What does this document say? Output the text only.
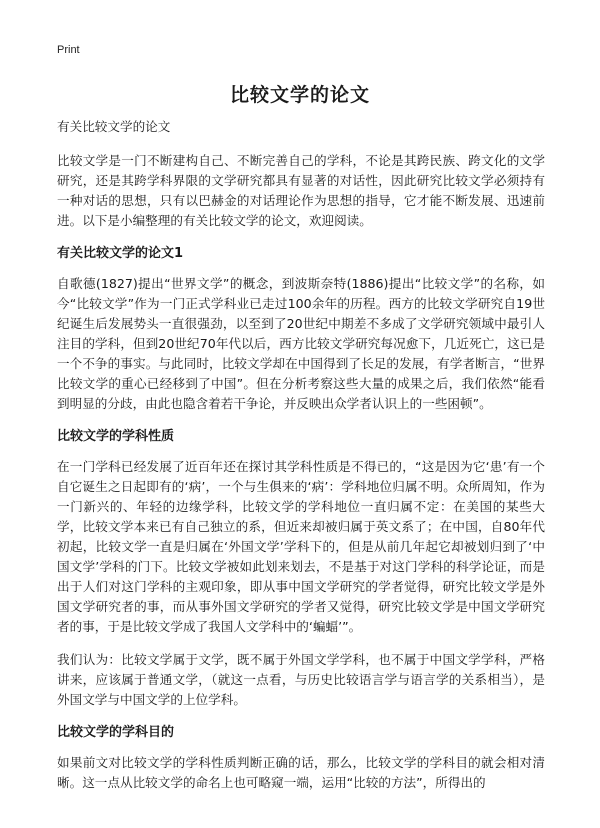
Print
比较文学的论文

有关比较文学的论文

比较文学是一门不断建构自己、不断完善自己的学科，不论是其跨民族、跨文化的文学研究，还是其跨学科界限的文学研究都具有显著的对话性，因此研究比较文学必须持有一种对话的思想，只有以巴赫金的对话理论作为思想的指导，它才能不断发展、迅速前进。以下是小编整理的有关比较文学的论文，欢迎阅读。

有关比较文学的论文1

自歌德(1827)提出“世界文学”的概念，到波斯奈特(1886)提出“比较文学”的名称，如今“比较文学”作为一门正式学科业已走过100余年的历程。西方的比较文学研究自19世纪诞生后发展势头一直很强劲，以至到了20世纪中期差不多成了文学研究领域中最引人注目的学科，但到20世纪70年代以后，西方比较文学研究每况愈下，几近死亡，这已是一个不争的事实。与此同时，比较文学却在中国得到了长足的发展，有学者断言，“世界比较文学的重心已经移到了中国”。但在分析考察这些大量的成果之后，我们依然“能看到明显的分歧，由此也隐含着若干争论，并反映出众学者认识上的一些困顿”。

比较文学的学科性质

在一门学科已经发展了近百年还在探讨其学科性质是不得已的，“这是因为它‘患’有一个自它诞生之日起即有的‘病’，一个与生俱来的‘病’：学科地位归属不明。众所周知，作为一门新兴的、年轻的边缘学科，比较文学的学科地位一直归属不定：在美国的某些大学，比较文学本来已有自己独立的系，但近来却被归属于英文系了；在中国，自80年代初起，比较文学一直是归属在‘外国文学’学科下的，但是从前几年起它却被划归到了‘中国文学’学科的门下。比较文学被如此划来划去，不是基于对这门学科的科学论证，而是出于人们对这门学科的主观印象，即从事中国文学研究的学者觉得，研究比较文学是外国文学研究者的事，而从事外国文学研究的学者又觉得，研究比较文学是中国文学研究者的事，于是比较文学成了我国人文学科中的‘蝙蝠’”。

我们认为：比较文学属于文学，既不属于外国文学学科，也不属于中国文学学科，严格讲来，应该属于普通文学，（就这一点看，与历史比较语言学与语言学的关系相当），是外国文学与中国文学的上位学科。

比较文学的学科目的

如果前文对比较文学的学科性质判断正确的话，那么，比较文学的学科目的就会相对清晰。这一点从比较文学的命名上也可略窥一端，运用“比较的方法”，所得出的
